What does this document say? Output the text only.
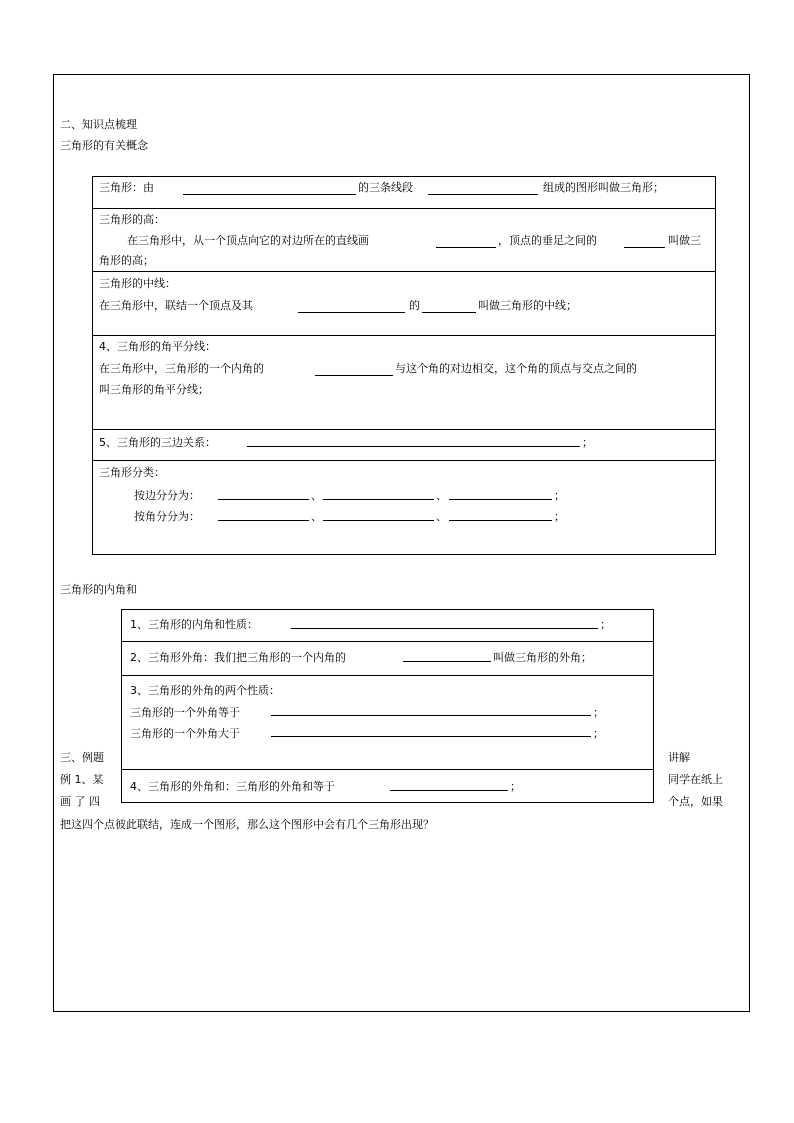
二、知识点梳理
三角形的有关概念
三角形：由	的三条线段	组成的图形叫做三角形；
三角形的高：
在三角形中，从一个顶点向它的对边所在的直线画	，顶点的垂足之间的	叫做三
角形的高；
三角形的中线：
在三角形中，联结一个顶点及其	的	叫做三角形的中线；
4、三角形的角平分线：
在三角形中，三角形的一个内角的	与这个角的对边相交，这个角的顶点与交点之间的
叫三角形的角平分线；
5、三角形的三边关系：	；
三角形分类：
按边分分为：	、	、	；
按角分分为：	、	、	；
三角形的内角和
1、三角形的内角和性质：	；
2、三角形外角：我们把三角形的一个内角的	叫做三角形的外角；
3、三角形的外角的两个性质：
三角形的一个外角等于	；
三角形的一个外角大于	；
4、三角形的外角和：三角形的外角和等于	；
三、例题
例 1、某
画 了 四
讲解
同学在纸上
个点，如果
把这四个点彼此联结，连成一个图形，那么这个图形中会有几个三角形出现？
